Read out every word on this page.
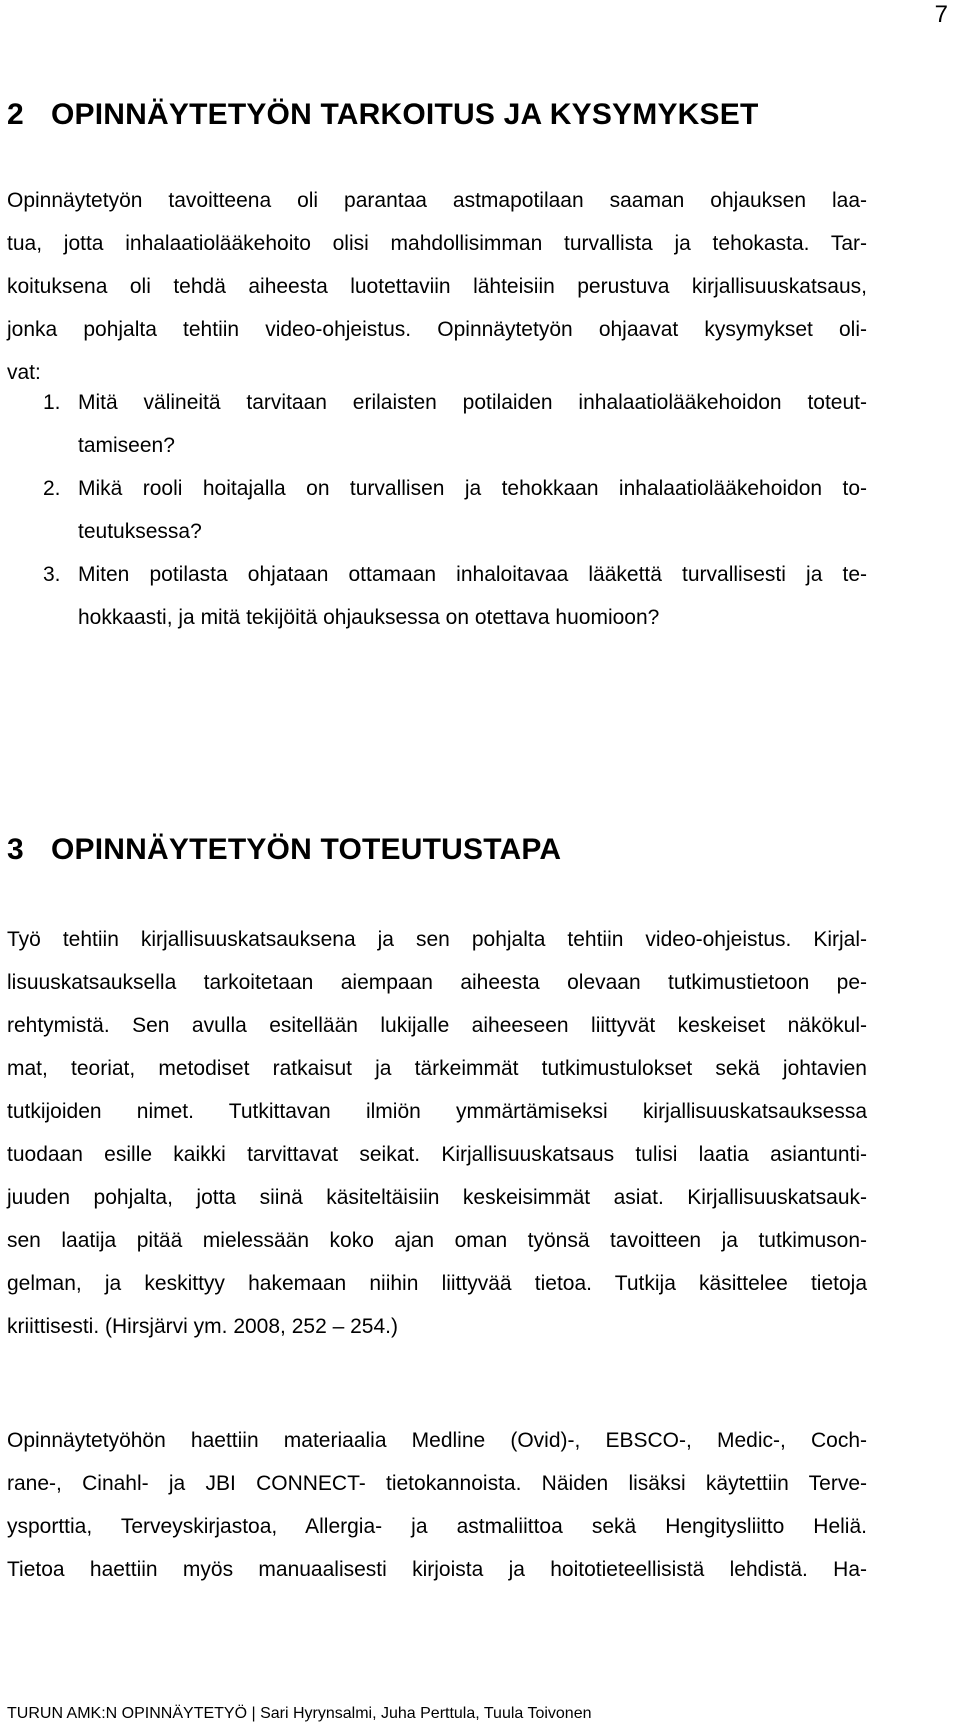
7
2 OPINNÄYTETYÖN TARKOITUS JA KYSYMYKSET
Opinnäytetyön tavoitteena oli parantaa astmapotilaan saaman ohjauksen laa-
tua, jotta inhalaatiolääkehoito olisi mahdollisimman turvallista ja tehokasta. Tar-
koituksena oli tehdä aiheesta luotettaviin lähteisiin perustuva kirjallisuuskatsaus,
jonka pohjalta tehtiin video-ohjeistus. Opinnäytetyön ohjaavat kysymykset oli-
vat:
1. Mitä välineitä tarvitaan erilaisten potilaiden inhalaatiolääkehoidon toteut-
tamiseen?
2. Mikä rooli hoitajalla on turvallisen ja tehokkaan inhalaatiolääkehoidon to-
teutuksessa?
3. Miten potilasta ohjataan ottamaan inhaloitavaa lääkettä turvallisesti ja te-
hokkaasti, ja mitä tekijöitä ohjauksessa on otettava huomioon?
3 OPINNÄYTETYÖN TOTEUTUSTAPA
Työ tehtiin kirjallisuuskatsauksena ja sen pohjalta tehtiin video-ohjeistus. Kirjal-
lisuuskatsauksella tarkoitetaan aiempaan aiheesta olevaan tutkimustietoon pe-
rehtymistä. Sen avulla esitellään lukijalle aiheeseen liittyvät keskeiset näkökul-
mat, teoriat, metodiset ratkaisut ja tärkeimmät tutkimustulokset sekä johtavien
tutkijoiden nimet. Tutkittavan ilmiön ymmärtämiseksi kirjallisuuskatsauksessa
tuodaan esille kaikki tarvittavat seikat. Kirjallisuuskatsaus tulisi laatia asiantunti-
juuden pohjalta, jotta siinä käsiteltäisiin keskeisimmät asiat. Kirjallisuuskatsauk-
sen laatija pitää mielessään koko ajan oman työnsä tavoitteen ja tutkimuson-
gelman, ja keskittyy hakemaan niihin liittyvää tietoa. Tutkija käsittelee tietoja
kriittisesti. (Hirsjärvi ym. 2008, 252 – 254.)
Opinnäytetyöhön haettiin materiaalia Medline (Ovid)-, EBSCO-, Medic-, Coch-
rane-, Cinahl- ja JBI CONNECT- tietokannoista. Näiden lisäksi käytettiin Terve-
ysporttia, Terveyskirjastoa, Allergia- ja astmaliittoa sekä Hengitysliitto Heliä.
Tietoa haettiin myös manuaalisesti kirjoista ja hoitotieteellisistä lehdistä. Ha-
TURUN AMK:N OPINNÄYTETYÖ | Sari Hyrynsalmi, Juha Perttula, Tuula Toivonen
